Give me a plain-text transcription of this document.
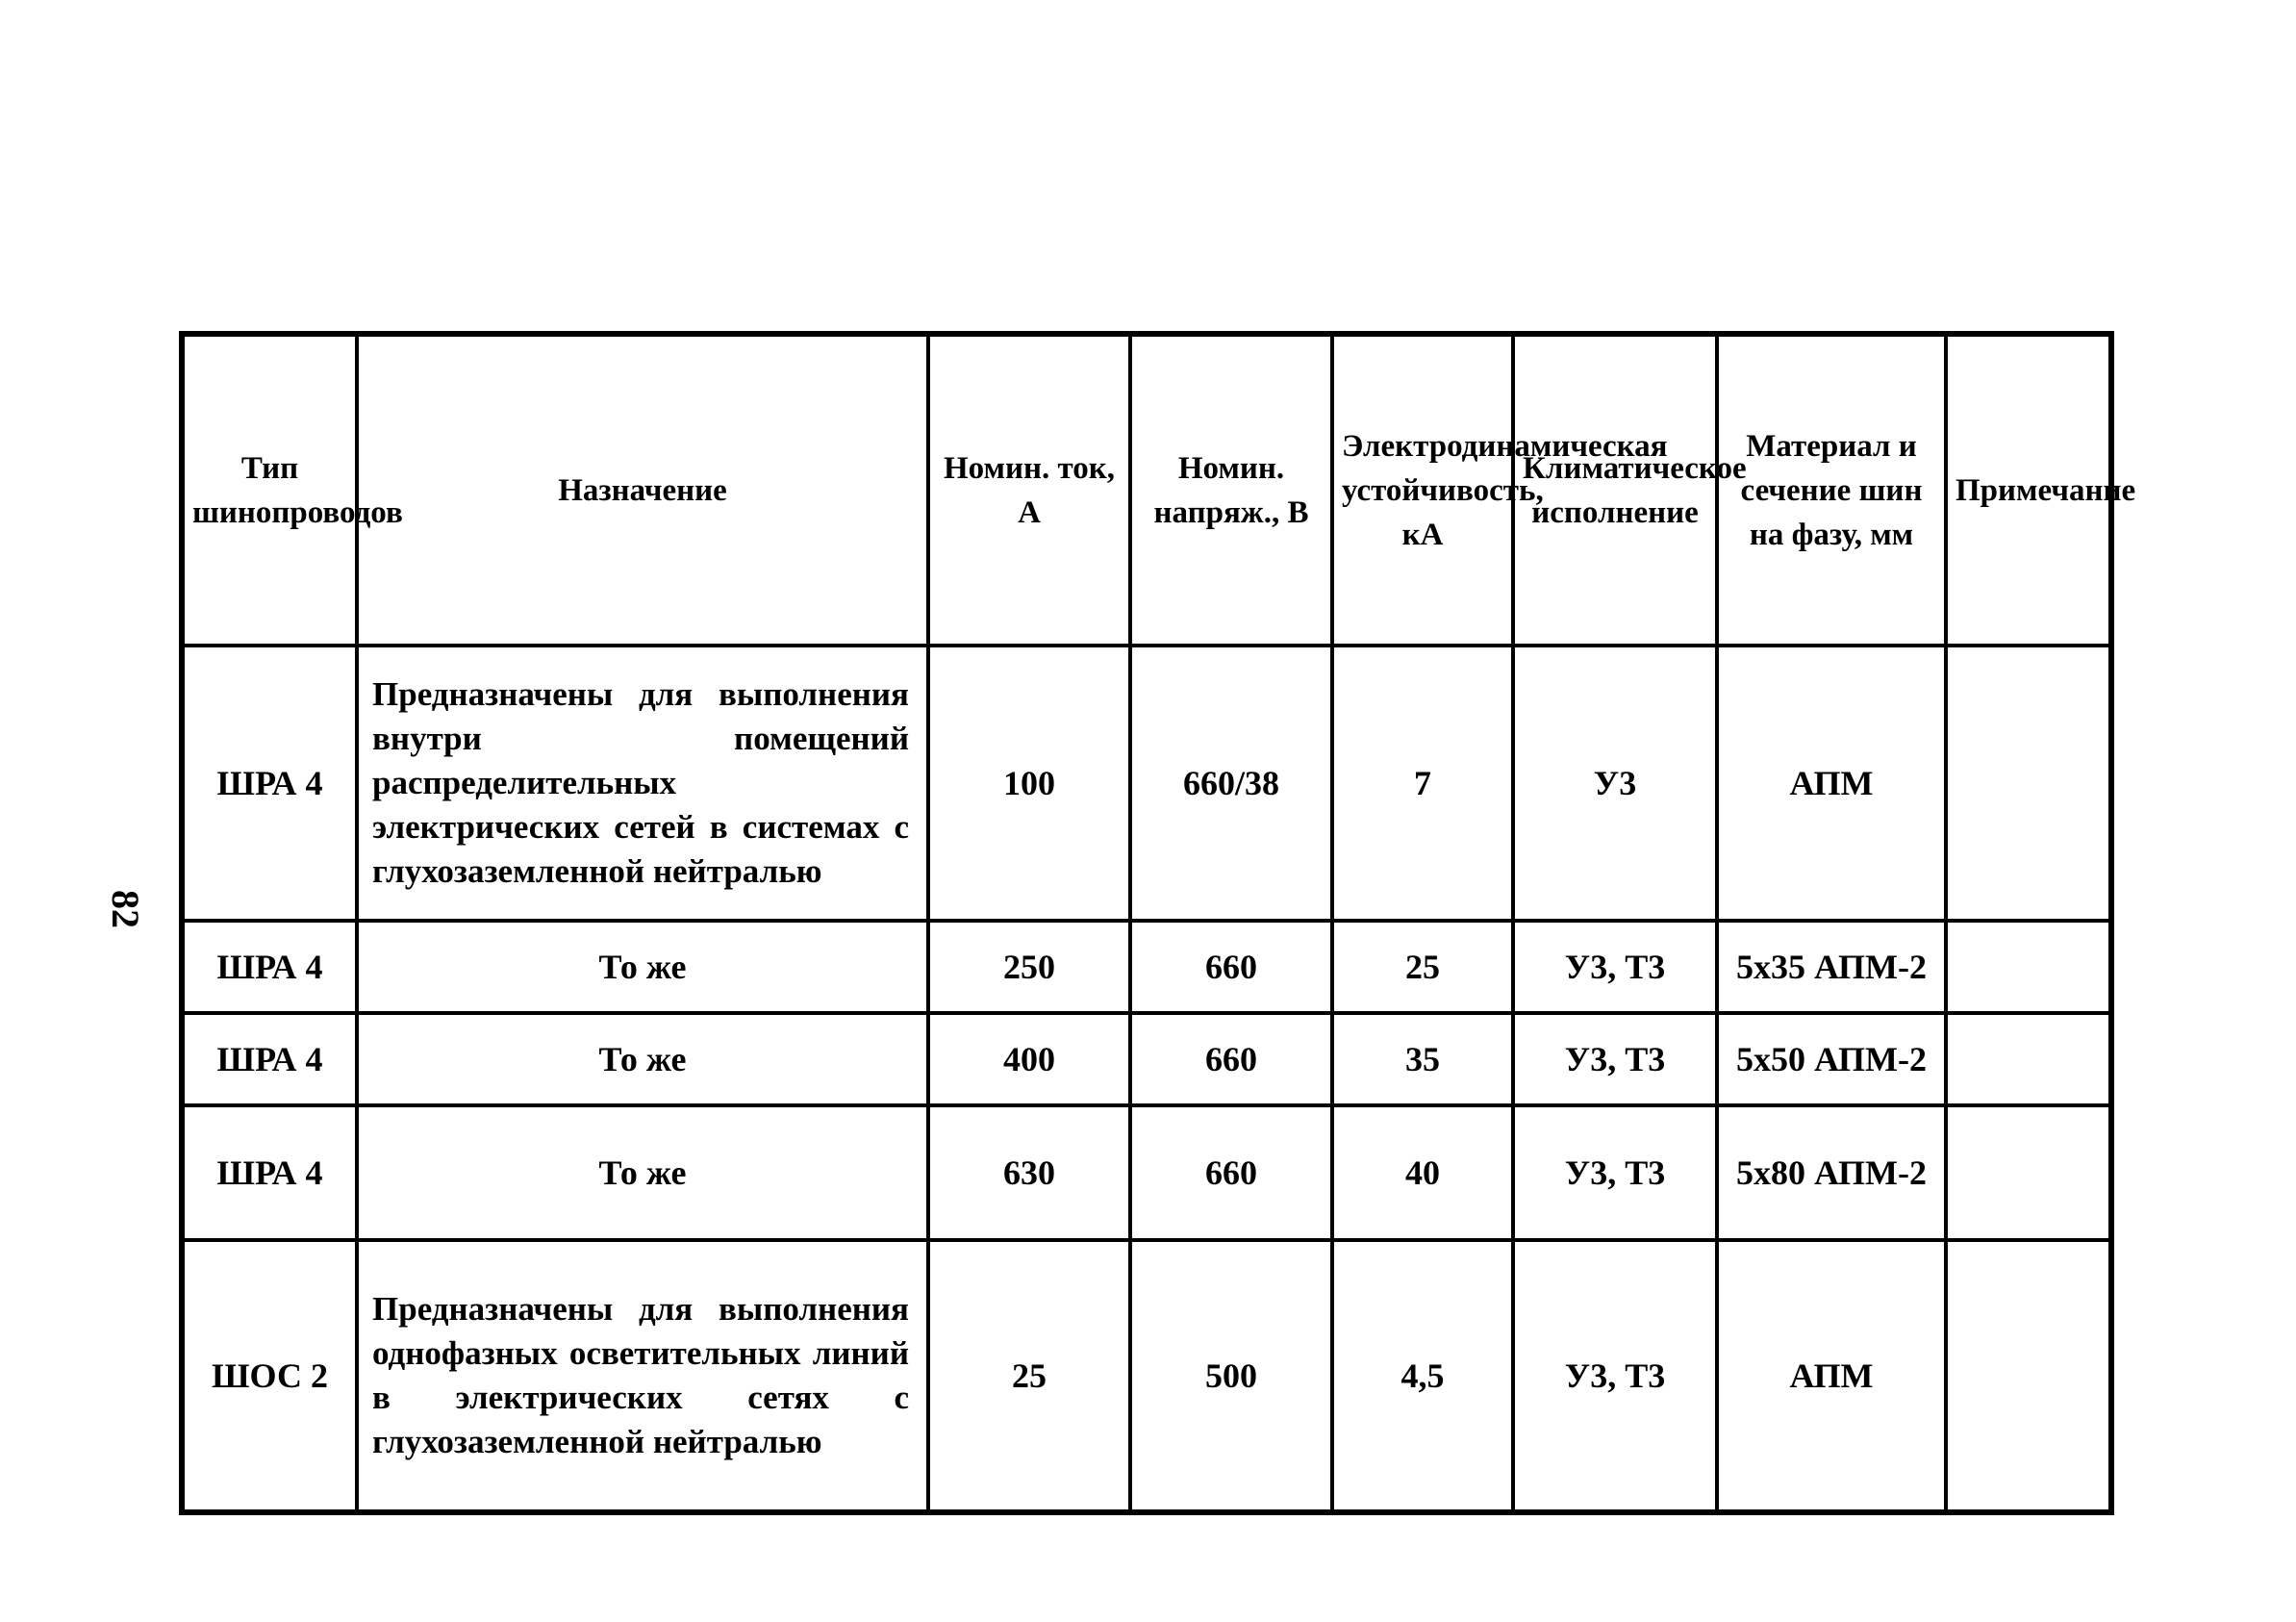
82
Тип шинопроводов	Назначение	Номин. ток, А	Номин. напряж., В	Электродинамическая устойчивость, кА	Климатическое исполнение	Материал и сечение шин на фазу, мм	Примечание
ШРА 4	Предназначены для выполнения внутри помещений распределительных электрических сетей в системах с глухозаземленной нейтралью	100	660/38	7	У3	АПМ	
ШРА 4	То же	250	660	25	У3, Т3	5x35 АПМ-2	
ШРА 4	То же	400	660	35	У3, Т3	5x50 АПМ-2	
ШРА 4	То же	630	660	40	У3, Т3	5x80 АПМ-2	
ШОС 2	Предназначены для выполнения однофазных осветительных линий в электрических сетях с глухозаземленной нейтралью	25	500	4,5	У3, Т3	АПМ	
